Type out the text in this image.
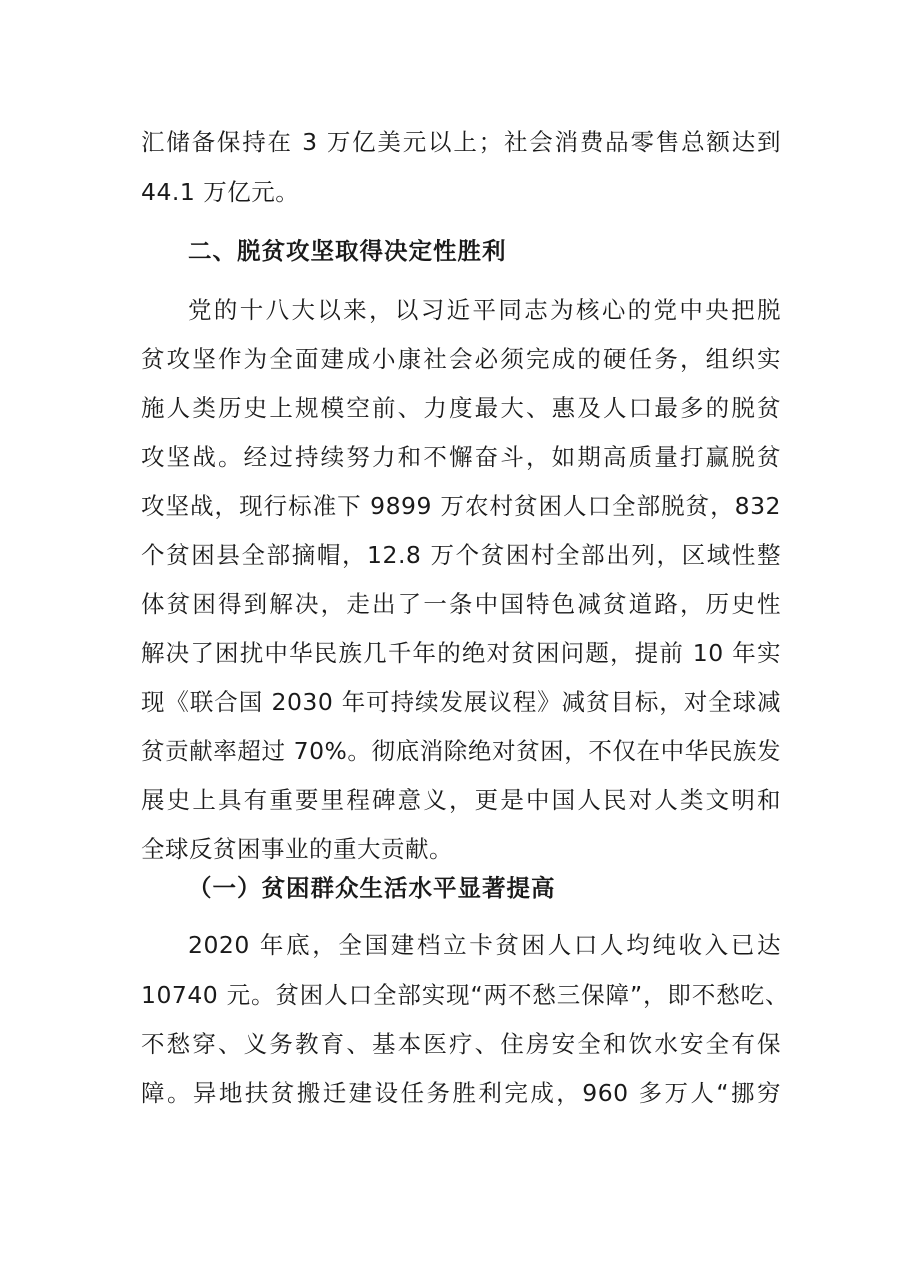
汇储备保持在 3 万亿美元以上；社会消费品零售总额达到
44.1 万亿元。
二、脱贫攻坚取得决定性胜利
党的十八大以来，以习近平同志为核心的党中央把脱
贫攻坚作为全面建成小康社会必须完成的硬任务，组织实
施人类历史上规模空前、力度最大、惠及人口最多的脱贫
攻坚战。经过持续努力和不懈奋斗，如期高质量打赢脱贫
攻坚战，现行标准下 9899 万农村贫困人口全部脱贫，832
个贫困县全部摘帽，12.8 万个贫困村全部出列，区域性整
体贫困得到解决，走出了一条中国特色减贫道路，历史性
解决了困扰中华民族几千年的绝对贫困问题，提前 10 年实
现《联合国 2030 年可持续发展议程》减贫目标，对全球减
贫贡献率超过 70%。彻底消除绝对贫困，不仅在中华民族发
展史上具有重要里程碑意义，更是中国人民对人类文明和
全球反贫困事业的重大贡献。
（一）贫困群众生活水平显著提高
2020 年底，全国建档立卡贫困人口人均纯收入已达
10740 元。贫困人口全部实现“两不愁三保障”，即不愁吃、
不愁穿、义务教育、基本医疗、住房安全和饮水安全有保
障。异地扶贫搬迁建设任务胜利完成，960 多万人“挪穷
